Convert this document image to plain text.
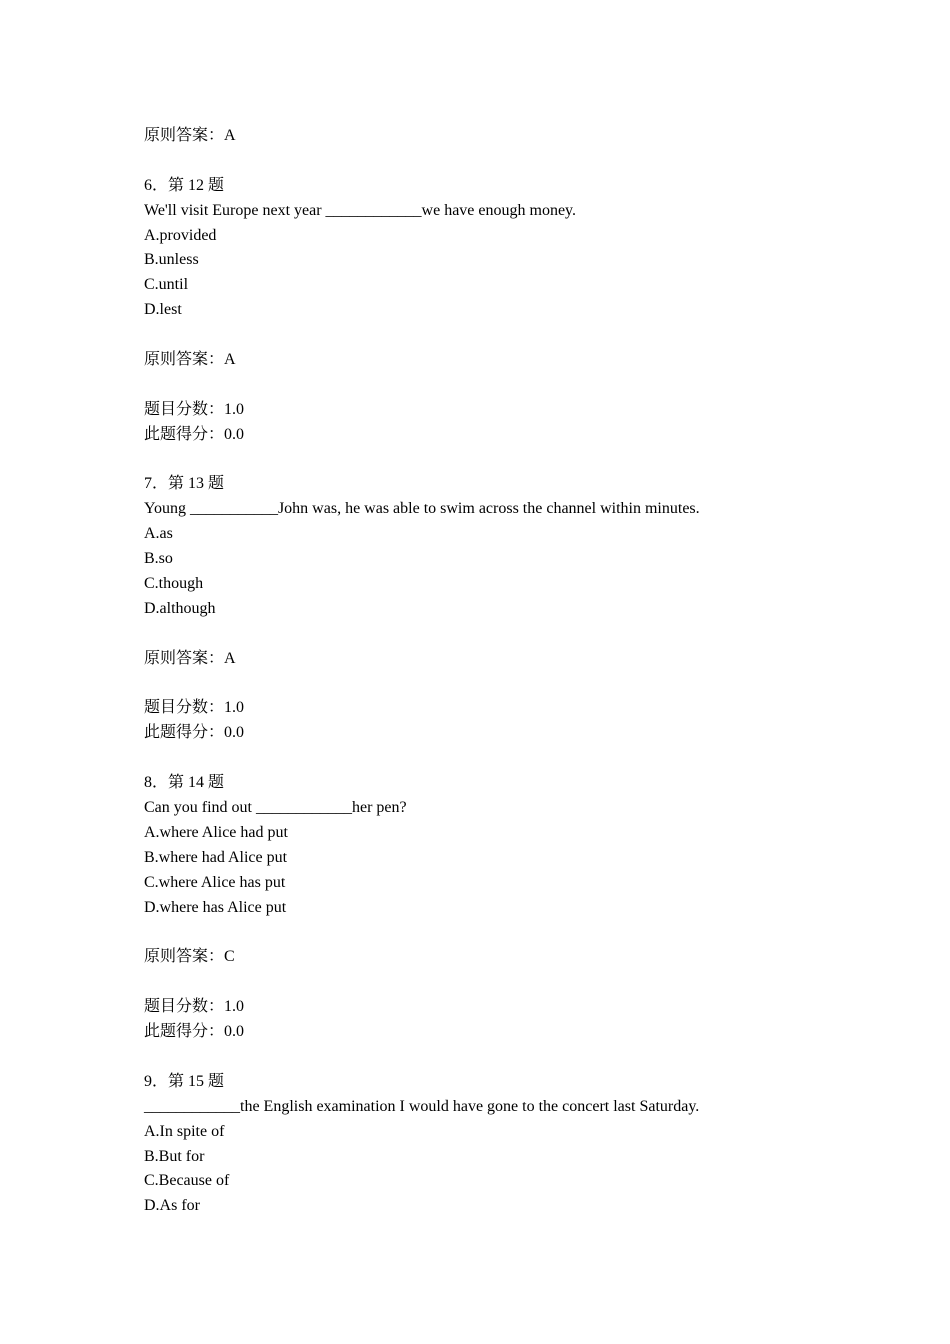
原则答案：A
6．第 12 题
We'll visit Europe next year ____________we have enough money.
A.provided
B.unless
C.until
D.lest
原则答案：A
题目分数：1.0
此题得分：0.0
7．第 13 题
Young ___________John was, he was able to swim across the channel within minutes.
A.as
B.so
C.though
D.although
原则答案：A
题目分数：1.0
此题得分：0.0
8．第 14 题
Can you find out ____________her pen?
A.where Alice had put
B.where had Alice put
C.where Alice has put
D.where has Alice put
原则答案：C
题目分数：1.0
此题得分：0.0
9．第 15 题
____________the English examination I would have gone to the concert last Saturday.
A.In spite of
B.But for
C.Because of
D.As for
